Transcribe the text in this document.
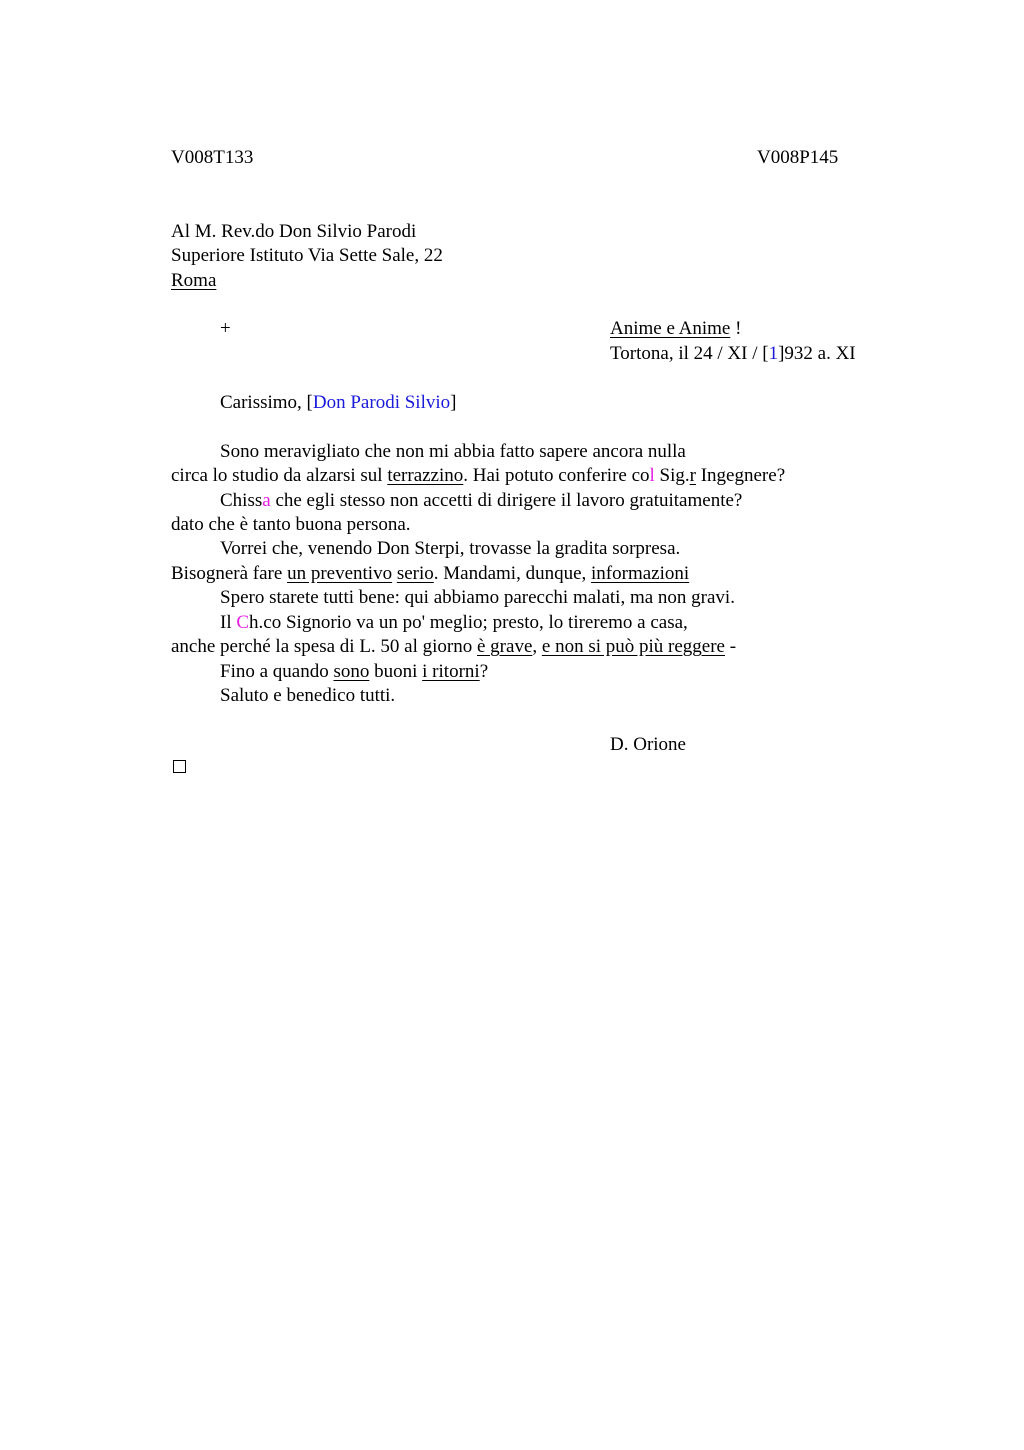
V008T133	V008P145
Al M. Rev.do Don Silvio Parodi
Superiore Istituto Via Sette Sale, 22
Roma
+	Anime e Anime !
Tortona, il 24 / XI / [1]932 a. XI
Carissimo, [Don Parodi Silvio]
Sono meravigliato che non mi abbia fatto sapere ancora nulla
circa lo studio da alzarsi sul terrazzino. Hai potuto conferire col Sig.r Ingegnere?
Chissa che egli stesso non accetti di dirigere il lavoro gratuitamente?
dato che è tanto buona persona.
Vorrei che, venendo Don Sterpi, trovasse la gradita sorpresa.
Bisognerà fare un preventivo serio. Mandami, dunque, informazioni
Spero starete tutti bene: qui abbiamo parecchi malati, ma non gravi.
Il Ch.co Signorio va un po' meglio; presto, lo tireremo a casa,
anche perché la spesa di L. 50 al giorno è grave, e non si può più reggere -
Fino a quando sono buoni i ritorni?
Saluto e benedico tutti.
D. Orione
